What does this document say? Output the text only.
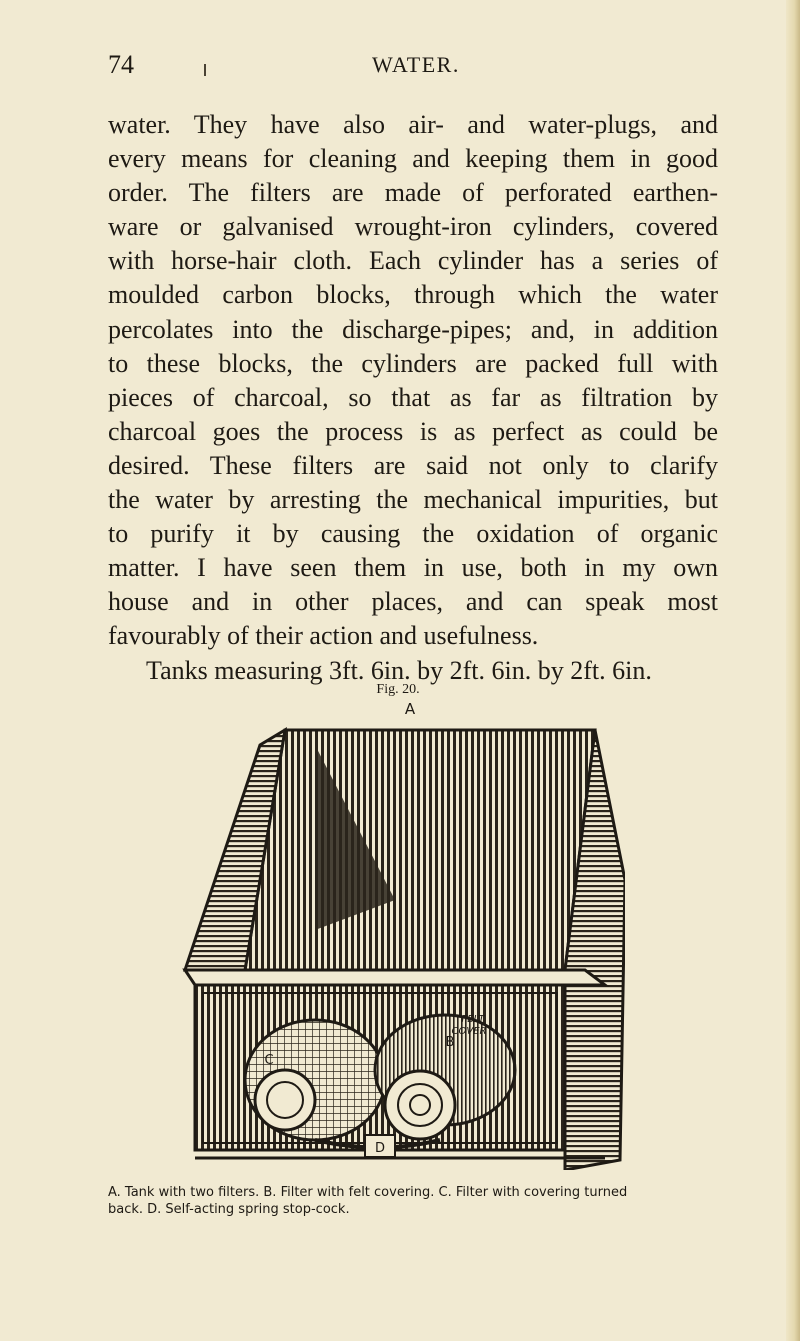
74	WATER.
water. They have also air- and water-plugs, and
every means for cleaning and keeping them in good
order. The filters are made of perforated earthen-
ware or galvanised wrought-iron cylinders, covered
with horse-hair cloth. Each cylinder has a series of
moulded carbon blocks, through which the water
percolates into the discharge-pipes; and, in addition
to these blocks, the cylinders are packed full with
pieces of charcoal, so that as far as filtration by
charcoal goes the process is as perfect as could be
desired. These filters are said not only to clarify
the water by arresting the mechanical impurities, but
to purify it by causing the oxidation of organic
matter. I have seen them in use, both in my own
house and in other places, and can speak most
favourably of their action and usefulness.
Tanks measuring 3ft. 6in. by 2ft. 6in. by 2ft. 6in.
Fig. 20.
A
C
B
D
FELT
COVER
A. Tank with two filters. B. Filter with felt covering. C. Filter with covering turned
back. D. Self-acting spring stop-cock.
